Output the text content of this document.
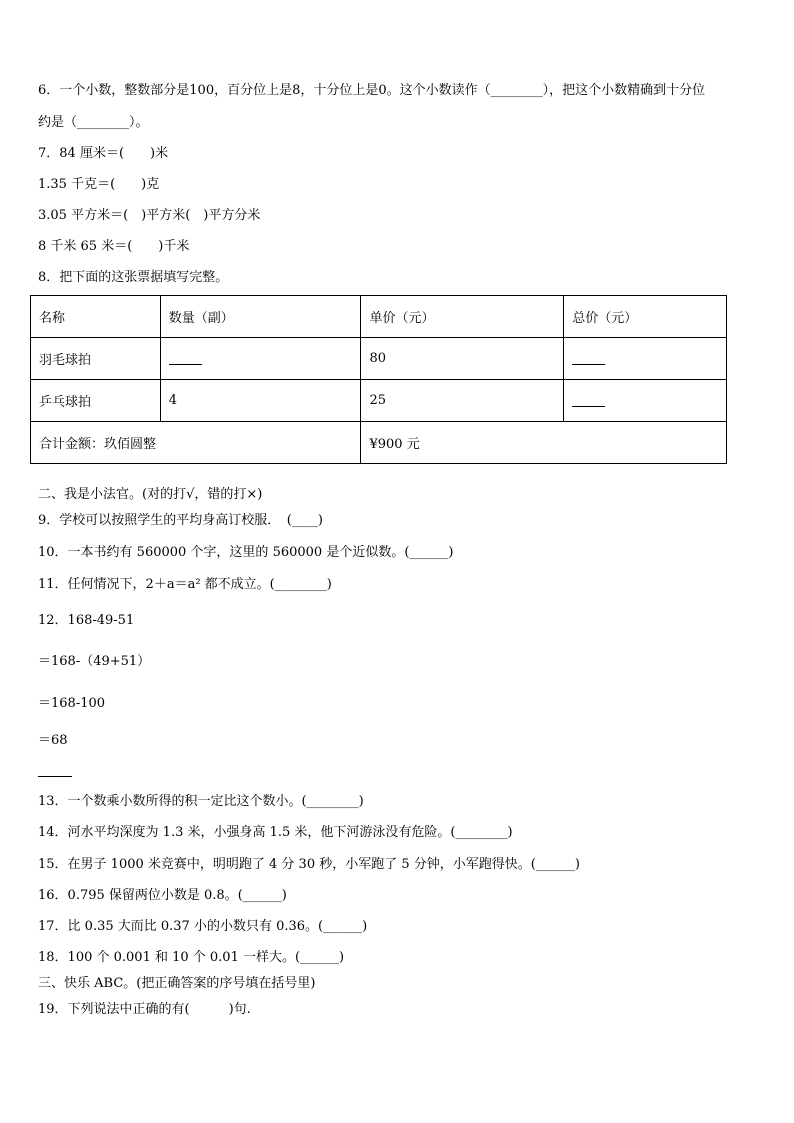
6．一个小数，整数部分是100，百分位上是8，十分位上是0。这个小数读作（________），把这个小数精确到十分位
约是（________）。
7．84 厘米＝(　　)米
1.35 千克＝(　　)克
3.05 平方米＝(　)平方米(　)平方分米
8 千米 65 米＝(　　)千米
8．把下面的这张票据填写完整。
名称	数量（副）	单价（元）	总价（元）
羽毛球拍		80	
乒乓球拍	4	25	
合计金额：玖佰圆整		¥900 元	
二、我是小法官。(对的打√，错的打×)
9．学校可以按照学生的平均身高订校服．　(____)
10．一本书约有 560000 个字，这里的 560000 是个近似数。(______)
11．任何情况下，2＋a＝a² 都不成立。(________)
12．168-49-51
＝168-（49+51）
＝168-100
＝68
13．一个数乘小数所得的积一定比这个数小。(________)
14．河水平均深度为 1.3 米，小强身高 1.5 米，他下河游泳没有危险。(________)
15．在男子 1000 米竞赛中，明明跑了 4 分 30 秒，小军跑了 5 分钟，小军跑得快。(______)
16．0.795 保留两位小数是 0.8。(______)
17．比 0.35 大而比 0.37 小的小数只有 0.36。(______)
18．100 个 0.001 和 10 个 0.01 一样大。(______)
三、快乐 ABC。(把正确答案的序号填在括号里)
19．下列说法中正确的有(　　　)句.
